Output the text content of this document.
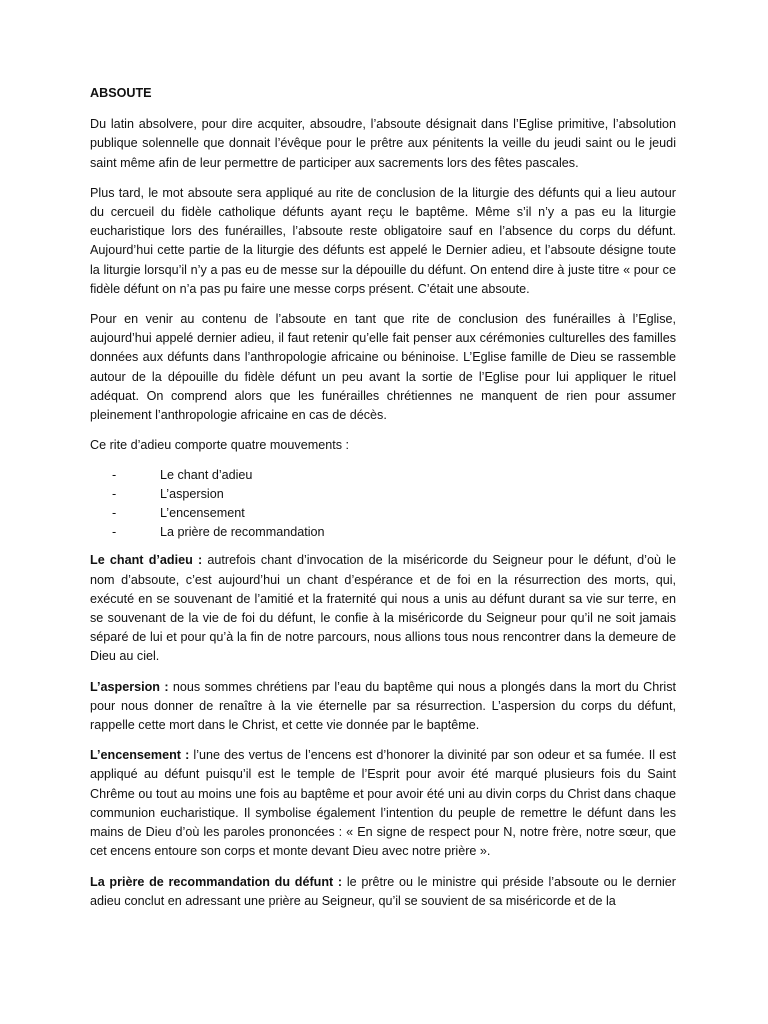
ABSOUTE

Du latin absolvere, pour dire acquiter, absoudre, l’absoute désignait dans l’Eglise primitive, l’absolution publique solennelle que donnait l’évêque pour le prêtre aux pénitents la veille du jeudi saint ou le jeudi saint même afin de leur permettre de participer aux sacrements lors des fêtes pascales.

Plus tard, le mot absoute sera appliqué au rite de conclusion de la liturgie des défunts qui a lieu autour du cercueil du fidèle catholique défunts ayant reçu le baptême. Même s’il n’y a pas eu la liturgie eucharistique lors des funérailles, l’absoute reste obligatoire sauf en l’absence du corps du défunt. Aujourd’hui cette partie de la liturgie des défunts est appelé le Dernier adieu, et l’absoute désigne toute la liturgie lorsqu’il n’y a pas eu de messe sur la dépouille du défunt. On entend dire à juste titre « pour ce fidèle défunt on n’a pas pu faire une messe corps présent. C’était une absoute.

Pour en venir au contenu de l’absoute en tant que rite de conclusion des funérailles à l’Eglise, aujourd’hui appelé dernier adieu, il faut retenir qu’elle fait penser aux cérémonies culturelles des familles données aux défunts dans l’anthropologie africaine ou béninoise. L’Eglise famille de Dieu se rassemble autour de la dépouille du fidèle défunt un peu avant la sortie de l’Eglise pour lui appliquer le rituel adéquat. On comprend alors que les funérailles chrétiennes ne manquent de rien pour assumer pleinement l’anthropologie africaine en cas de décès.

Ce rite d’adieu comporte quatre mouvements :

-	Le chant d’adieu
-	L’aspersion
-	L’encensement
-	La prière de recommandation

Le chant d’adieu : autrefois chant d’invocation de la miséricorde du Seigneur pour le défunt, d’où le nom d’absoute, c’est aujourd’hui un chant d’espérance et de foi en la résurrection des morts, qui, exécuté en se souvenant de l’amitié et la fraternité qui nous a unis au défunt durant sa vie sur terre, en se souvenant de la vie de foi du défunt, le confie à la miséricorde du Seigneur pour qu’il ne soit jamais séparé de lui et pour qu’à la fin de notre parcours, nous allions tous nous rencontrer dans la demeure de Dieu au ciel.

L’aspersion : nous sommes chrétiens par l’eau du baptême qui nous a plongés dans la mort du Christ pour nous donner de renaître à la vie éternelle par sa résurrection. L’aspersion du corps du défunt, rappelle cette mort dans le Christ, et cette vie donnée par le baptême.

L’encensement : l’une des vertus de l’encens est d’honorer la divinité par son odeur et sa fumée. Il est appliqué au défunt puisqu’il est le temple de l’Esprit pour avoir été marqué plusieurs fois du Saint Chrême ou tout au moins une fois au baptême et pour avoir été uni au divin corps du Christ dans chaque communion eucharistique. Il symbolise également l’intention du peuple de remettre le défunt dans les mains de Dieu d’où les paroles prononcées : « En signe de respect pour N, notre frère, notre sœur, que cet encens entoure son corps et monte devant Dieu avec notre prière ».

La prière de recommandation du défunt : le prêtre ou le ministre qui préside l’absoute ou le dernier adieu conclut en adressant une prière au Seigneur, qu’il se souvient de sa miséricorde et de la
